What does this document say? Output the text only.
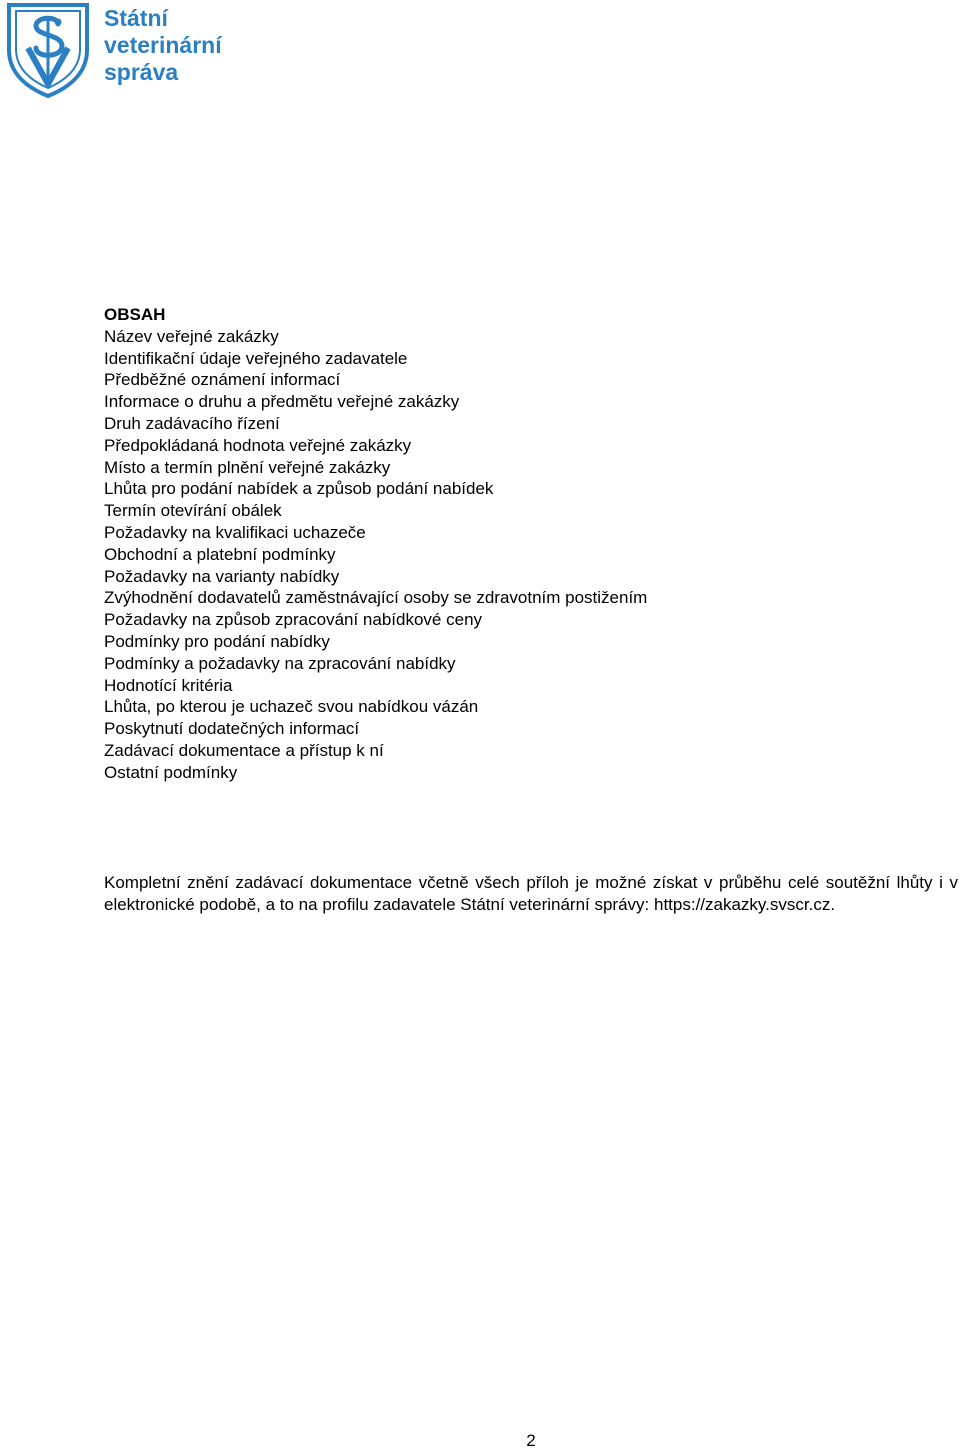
Státní
veterinární
správa
OBSAH
Název veřejné zakázky
Identifikační údaje veřejného zadavatele
Předběžné oznámení informací
Informace o druhu a předmětu veřejné zakázky
Druh zadávacího řízení
Předpokládaná hodnota veřejné zakázky
Místo a termín plnění veřejné zakázky
Lhůta pro podání nabídek a způsob podání nabídek
Termín otevírání obálek
Požadavky na kvalifikaci uchazeče
Obchodní a platební podmínky
Požadavky na varianty nabídky
Zvýhodnění dodavatelů zaměstnávající osoby se zdravotním postižením
Požadavky na způsob zpracování nabídkové ceny
Podmínky pro podání nabídky
Podmínky a požadavky na zpracování nabídky
Hodnotící kritéria
Lhůta, po kterou je uchazeč svou nabídkou vázán
Poskytnutí dodatečných informací
Zadávací dokumentace a přístup k ní
Ostatní podmínky

Kompletní znění zadávací dokumentace včetně všech příloh je možné získat v průběhu celé soutěžní lhůty i v elektronické podobě, a to na profilu zadavatele Státní veterinární správy: https://zakazky.svscr.cz.

2
